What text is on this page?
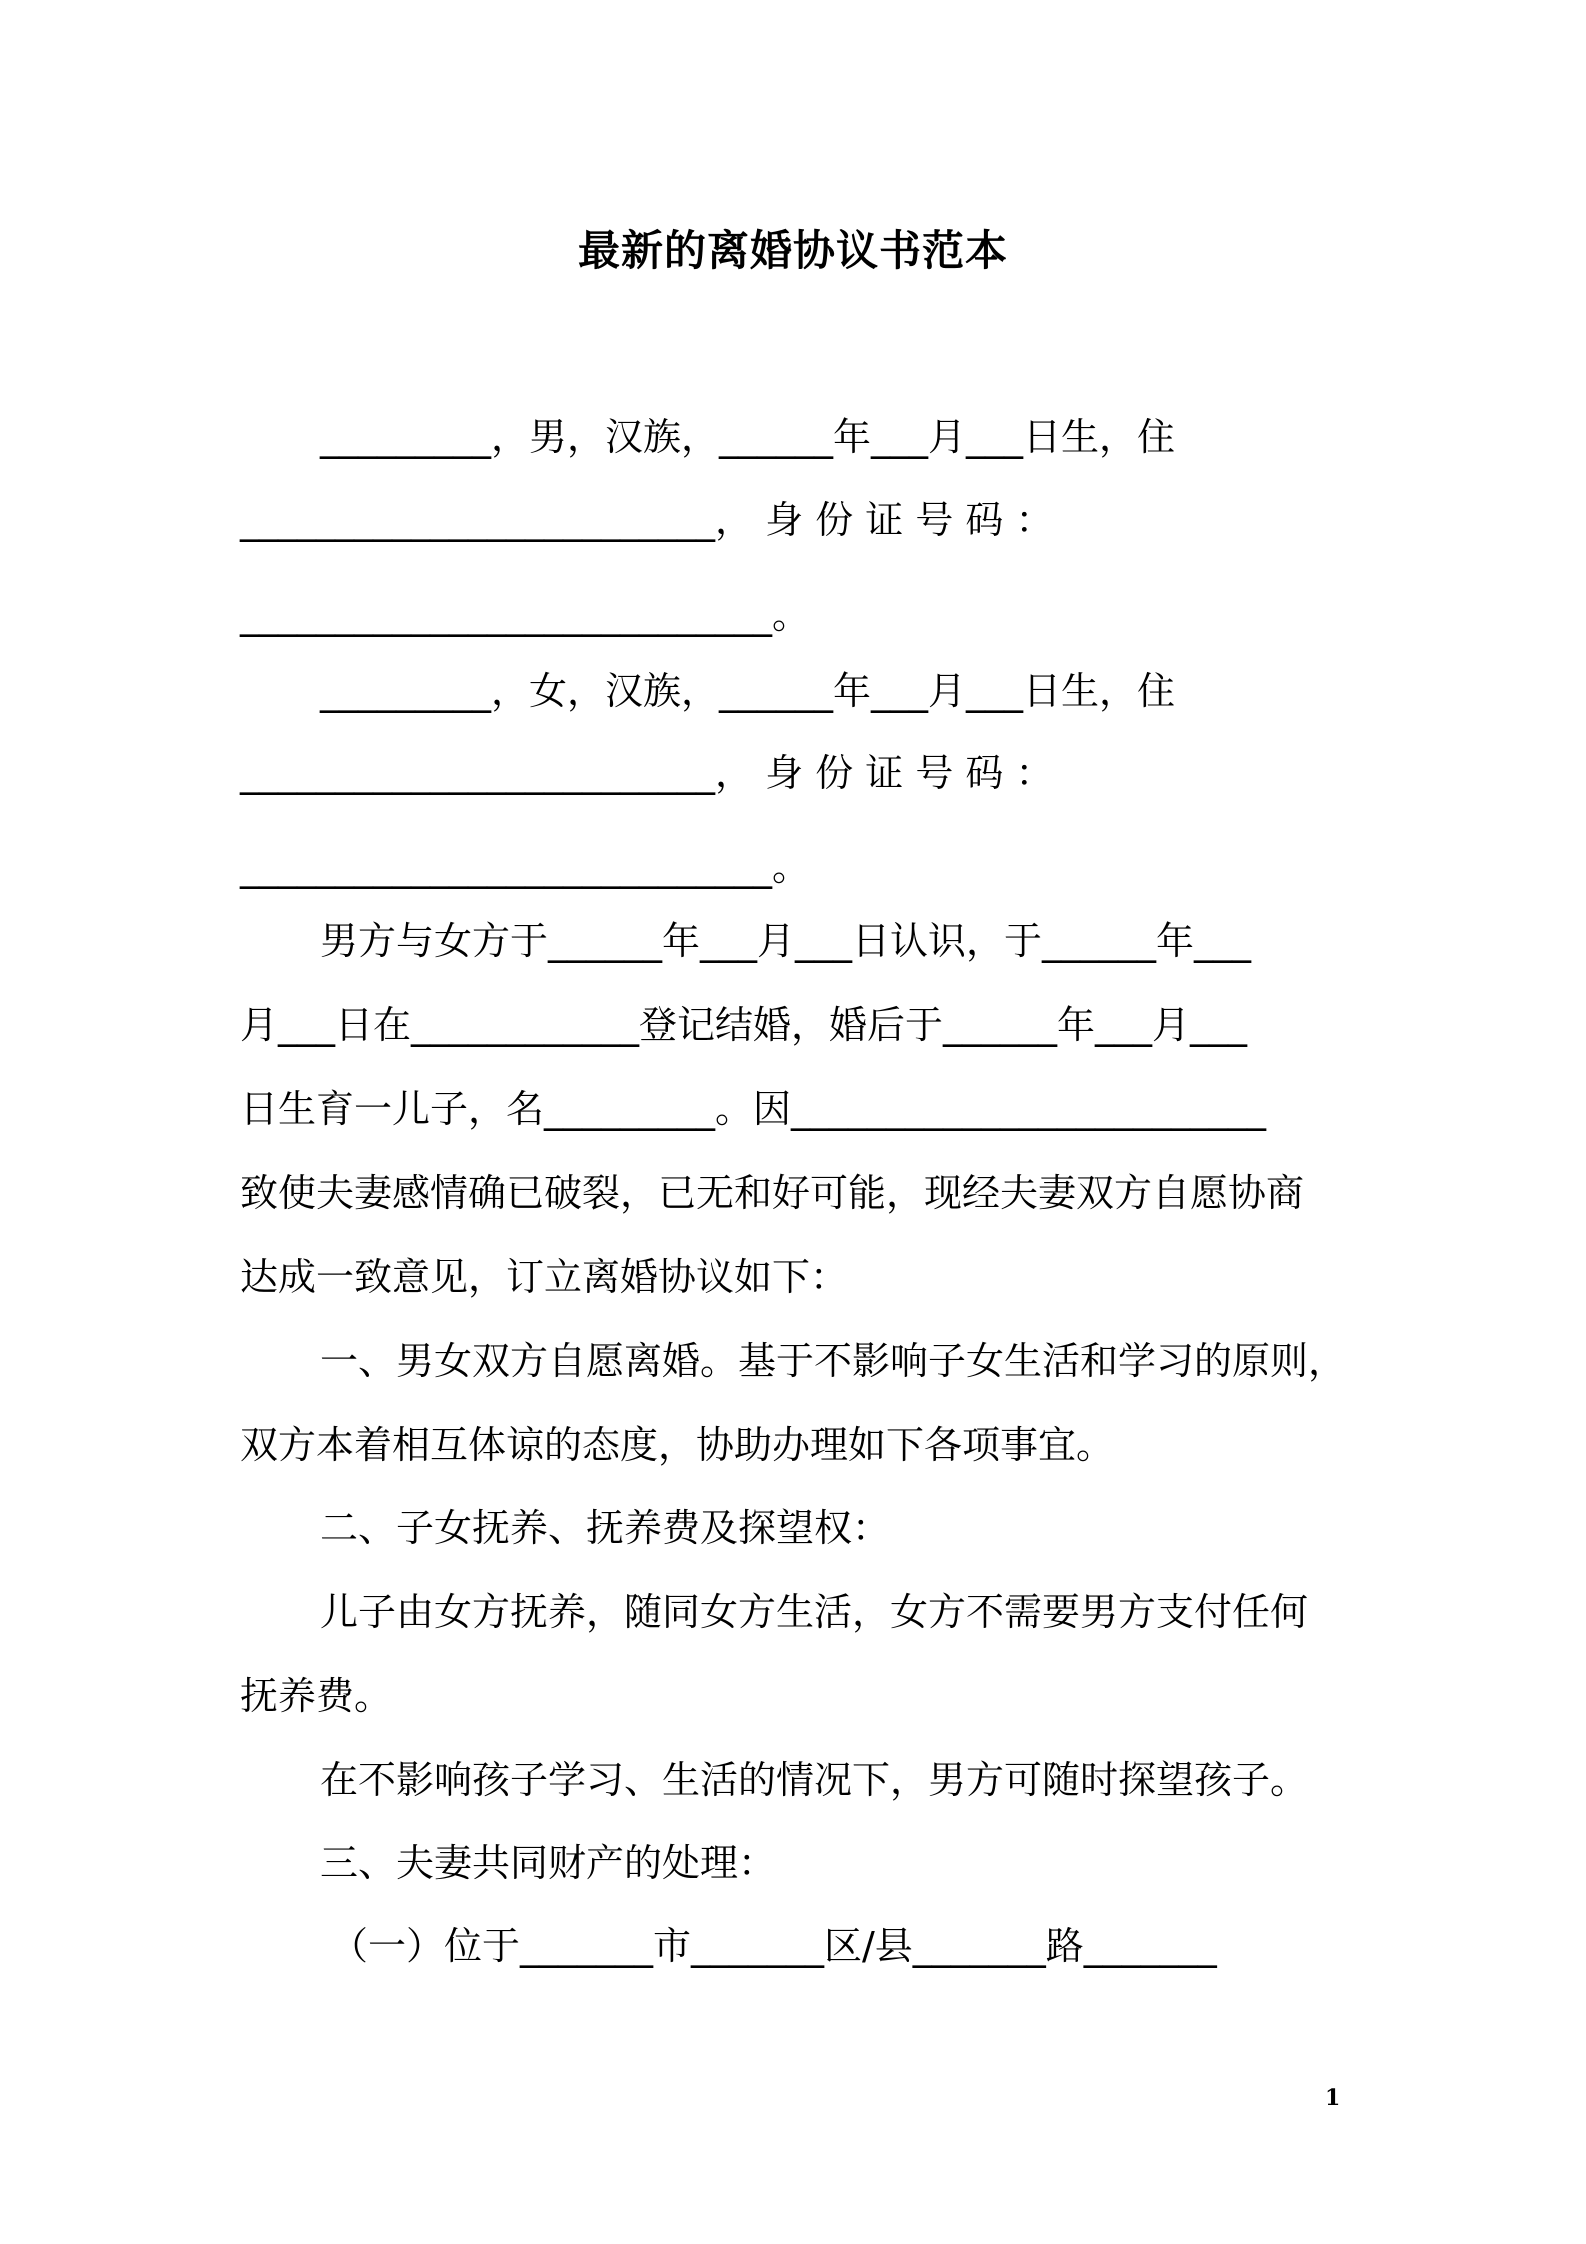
最新的离婚协议书范本
_________，男，汉族，______年___月___日生，住
_________________________， 身 份 证 号 码 ：
____________________________。
_________，女，汉族，______年___月___日生，住
_________________________， 身 份 证 号 码 ：
____________________________。
男方与女方于______年___月___日认识，于______年___
月___日在____________登记结婚，婚后于______年___月___
日生育一儿子，名_________。因_________________________
致使夫妻感情确已破裂，已无和好可能，现经夫妻双方自愿协商
达成一致意见，订立离婚协议如下：
一、男女双方自愿离婚。基于不影响子女生活和学习的原则，
双方本着相互体谅的态度，协助办理如下各项事宜。
二、子女抚养、抚养费及探望权：
儿子由女方抚养，随同女方生活，女方不需要男方支付任何
抚养费。
在不影响孩子学习、生活的情况下，男方可随时探望孩子。
三、夫妻共同财产的处理：
（一）位于_______市_______区/县_______路_______
1
